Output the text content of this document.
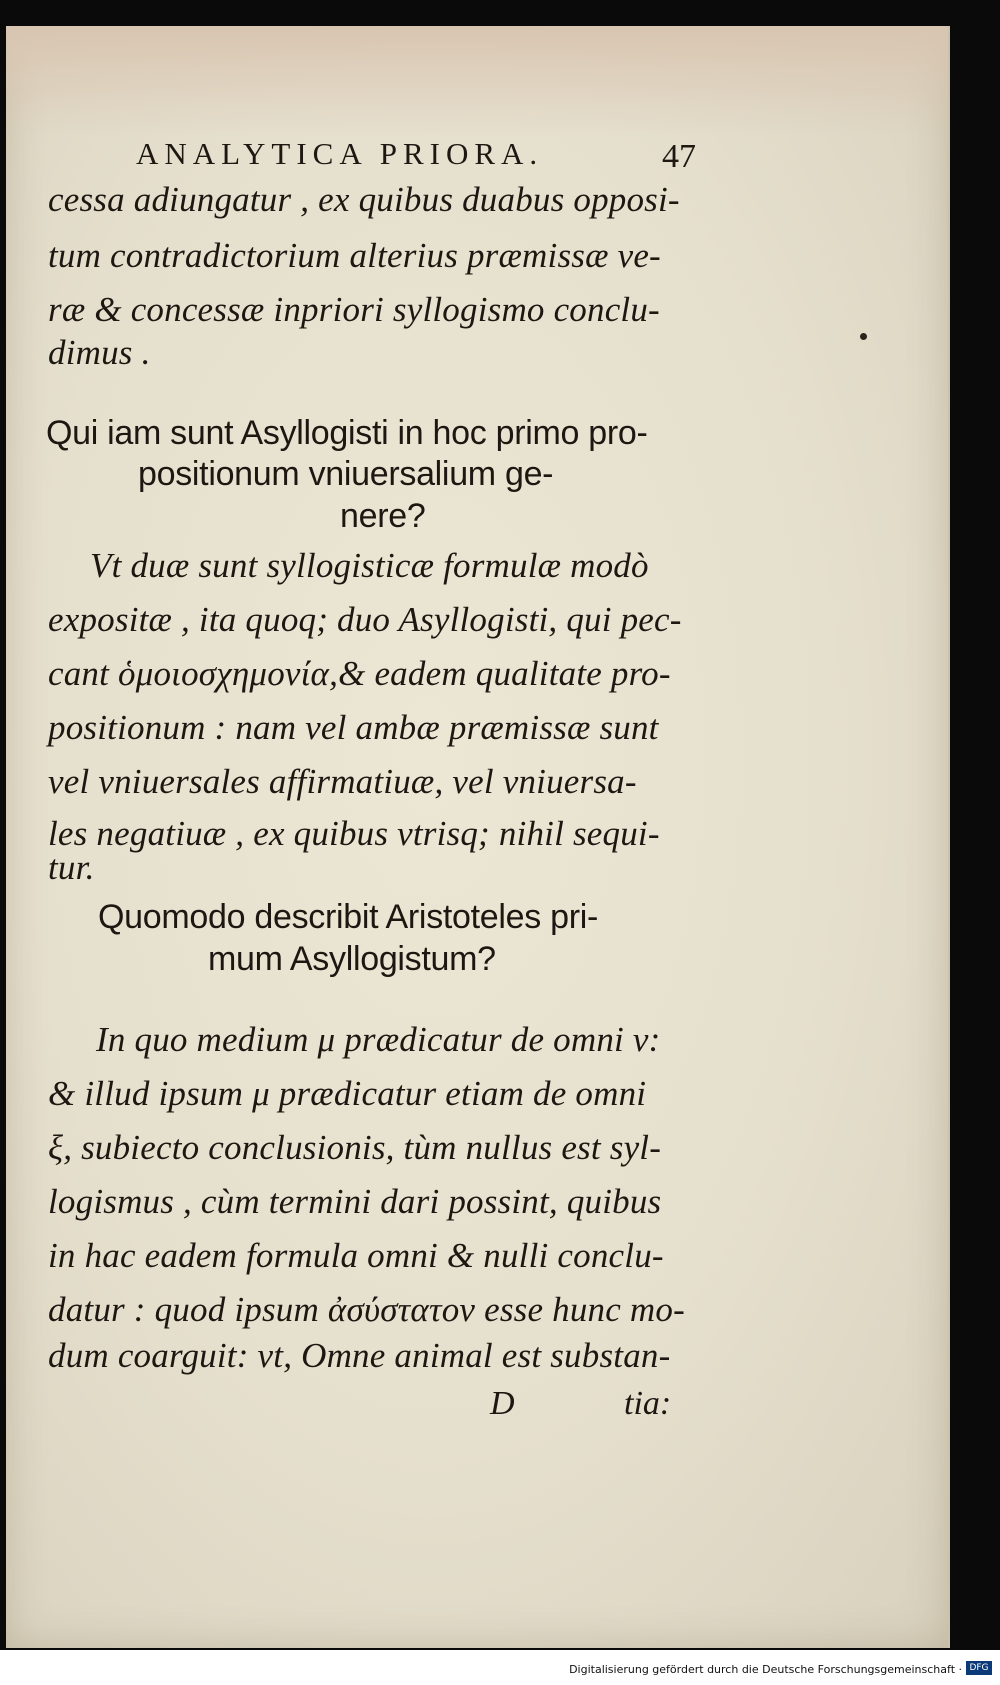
ANALYTICA PRIORA.	47
cessa adiungatur , ex quibus duabus opposi-
tum contradictorium alterius præmissæ ve-
ræ & concessæ inpriori syllogismo conclu-
dimus .
Qui iam sunt Asyllogisti in hoc primo pro-
positionum vniuersalium ge-
nere?
Vt duæ sunt syllogisticæ formulæ modò
expositæ , ita quoq; duo Asyllogisti, qui pec-
cant ὁμοιοσχημονία,& eadem qualitate pro-
positionum : nam vel ambæ præmissæ sunt
vel vniuersales affirmatiuæ, vel vniuersa-
les negatiuæ , ex quibus vtrisq; nihil sequi-
tur.
Quomodo describit Aristoteles pri-
mum Asyllogistum?
In quo medium μ prædicatur de omni ν:
& illud ipsum μ prædicatur etiam de omni
ξ, subiecto conclusionis, tùm nullus est syl-
logismus , cùm termini dari possint, quibus
in hac eadem formula omni & nulli conclu-
datur : quod ipsum ἀσύστατον esse hunc mo-
dum coarguit: vt, Omne animal est substan-
D	tia:
Digitalisierung gefördert durch die Deutsche Forschungsgemeinschaft · DFG
